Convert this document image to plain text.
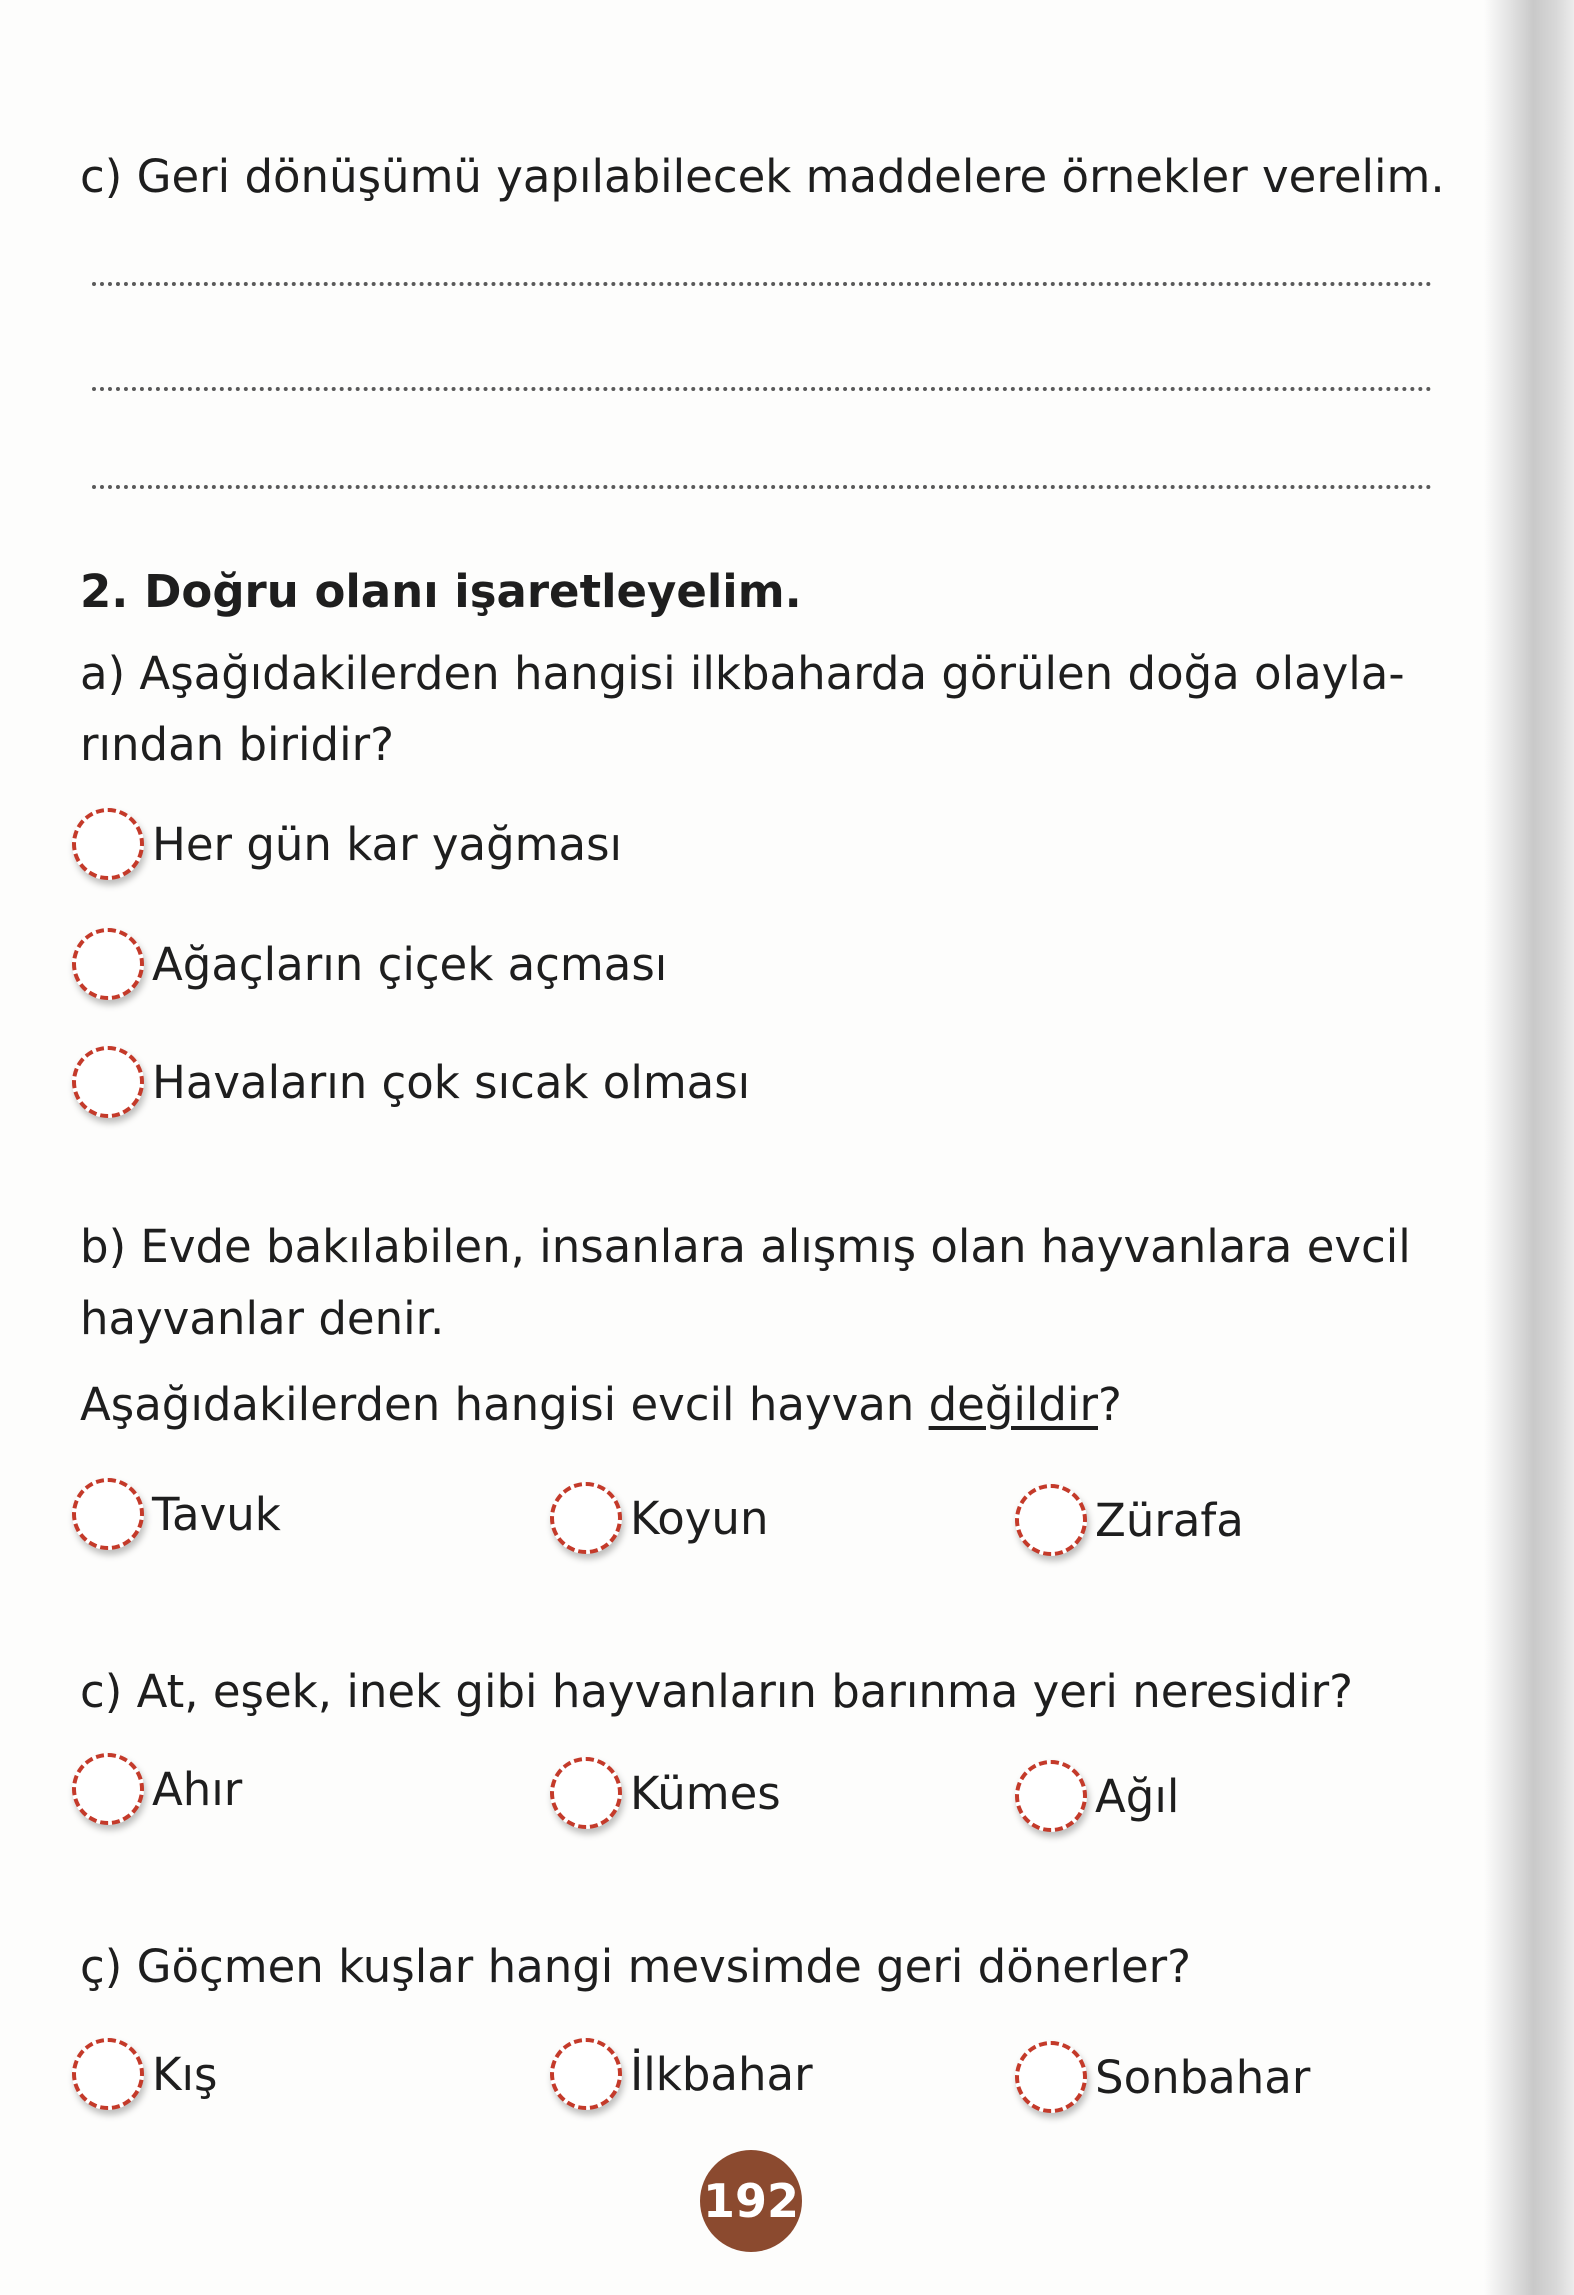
c) Geri dönüşümü yapılabilecek maddelere örnekler verelim.
2. Doğru olanı işaretleyelim.
a) Aşağıdakilerden hangisi ilkbaharda görülen doğa olayla-
rından biridir?
Her gün kar yağması
Ağaçların çiçek açması
Havaların çok sıcak olması
b) Evde bakılabilen, insanlara alışmış olan hayvanlara evcil
hayvanlar denir.
Aşağıdakilerden hangisi evcil hayvan değildir?
Tavuk	Koyun	Zürafa
c) At, eşek, inek gibi hayvanların barınma yeri neresidir?
Ahır	Kümes	Ağıl
ç) Göçmen kuşlar hangi mevsimde geri dönerler?
Kış	İlkbahar	Sonbahar
192
